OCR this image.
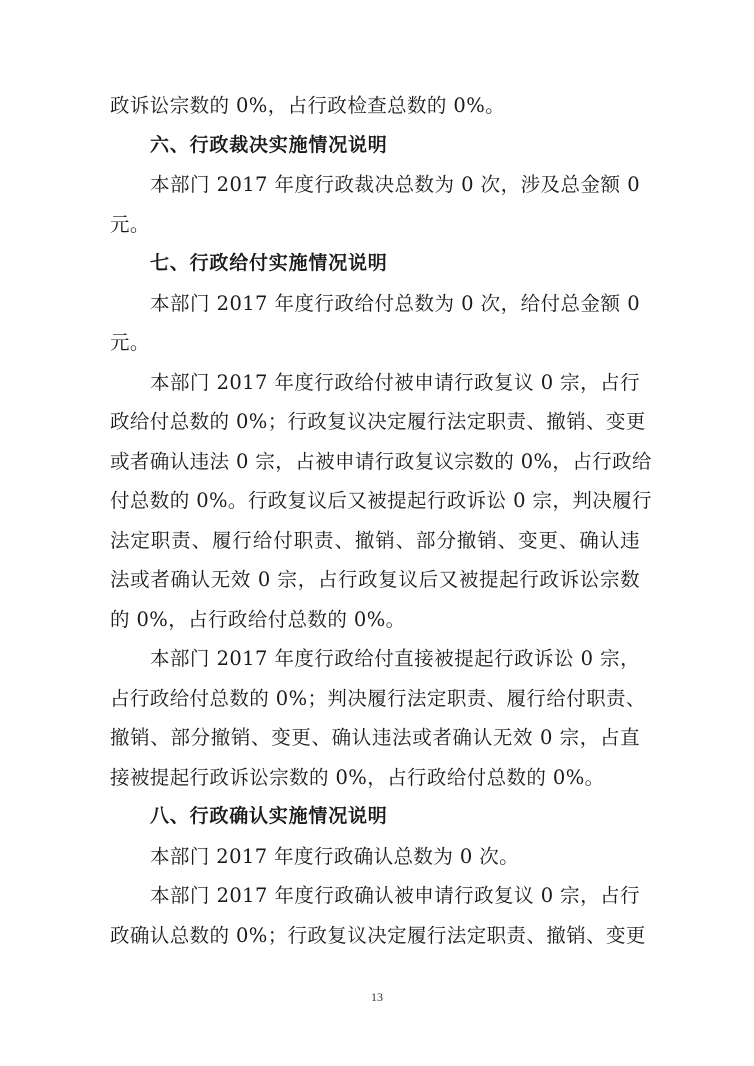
政诉讼宗数的 0%，占行政检查总数的 0%。
六、行政裁决实施情况说明
本部门 2017 年度行政裁决总数为 0 次，涉及总金额 0
元。
七、行政给付实施情况说明
本部门 2017 年度行政给付总数为 0 次，给付总金额 0
元。
本部门 2017 年度行政给付被申请行政复议 0 宗，占行
政给付总数的 0%；行政复议决定履行法定职责、撤销、变更
或者确认违法 0 宗，占被申请行政复议宗数的 0%，占行政给
付总数的 0%。行政复议后又被提起行政诉讼 0 宗，判决履行
法定职责、履行给付职责、撤销、部分撤销、变更、确认违
法或者确认无效 0 宗，占行政复议后又被提起行政诉讼宗数
的 0%，占行政给付总数的 0%。
本部门 2017 年度行政给付直接被提起行政诉讼 0 宗，
占行政给付总数的 0%；判决履行法定职责、履行给付职责、
撤销、部分撤销、变更、确认违法或者确认无效 0 宗，占直
接被提起行政诉讼宗数的 0%，占行政给付总数的 0%。
八、行政确认实施情况说明
本部门 2017 年度行政确认总数为 0 次。
本部门 2017 年度行政确认被申请行政复议 0 宗，占行
政确认总数的 0%；行政复议决定履行法定职责、撤销、变更
13
